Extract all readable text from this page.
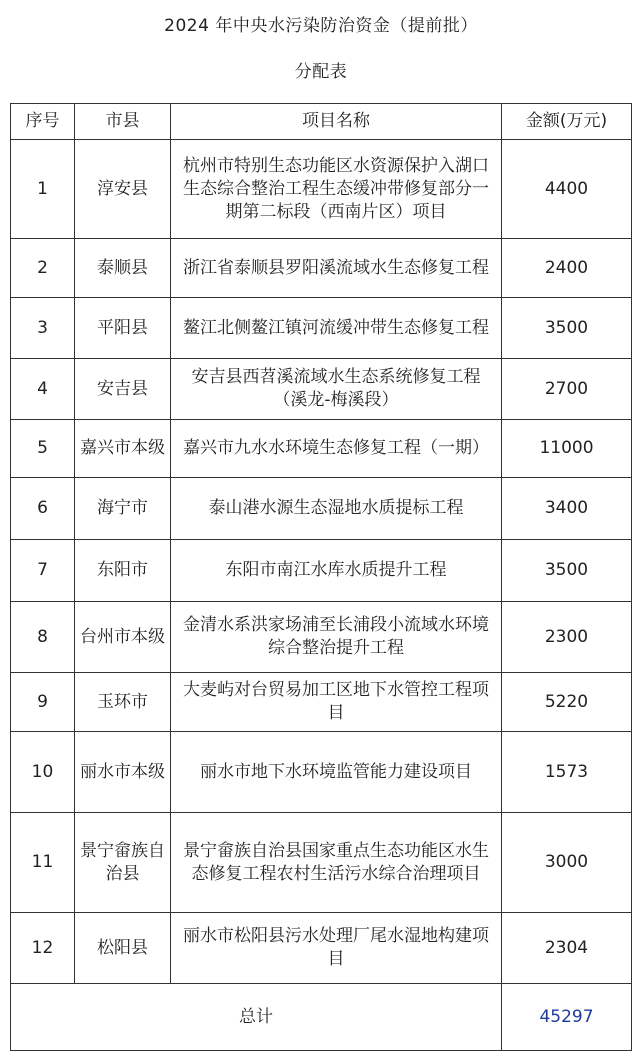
2024 年中央水污染防治资金（提前批）
分配表
序号	市县	项目名称	金额(万元)
1	淳安县	杭州市特别生态功能区水资源保护入湖口生态综合整治工程生态缓冲带修复部分一期第二标段（西南片区）项目	4400
2	泰顺县	浙江省泰顺县罗阳溪流域水生态修复工程	2400
3	平阳县	鳌江北侧鳌江镇河流缓冲带生态修复工程	3500
4	安吉县	安吉县西苕溪流域水生态系统修复工程（溪龙-梅溪段）	2700
5	嘉兴市本级	嘉兴市九水水环境生态修复工程（一期）	11000
6	海宁市	泰山港水源生态湿地水质提标工程	3400
7	东阳市	东阳市南江水库水质提升工程	3500
8	台州市本级	金清水系洪家场浦至长浦段小流域水环境综合整治提升工程	2300
9	玉环市	大麦屿对台贸易加工区地下水管控工程项目	5220
10	丽水市本级	丽水市地下水环境监管能力建设项目	1573
11	景宁畲族自治县	景宁畲族自治县国家重点生态功能区水生态修复工程农村生活污水综合治理项目	3000
12	松阳县	丽水市松阳县污水处理厂尾水湿地构建项目	2304
总计			45297
